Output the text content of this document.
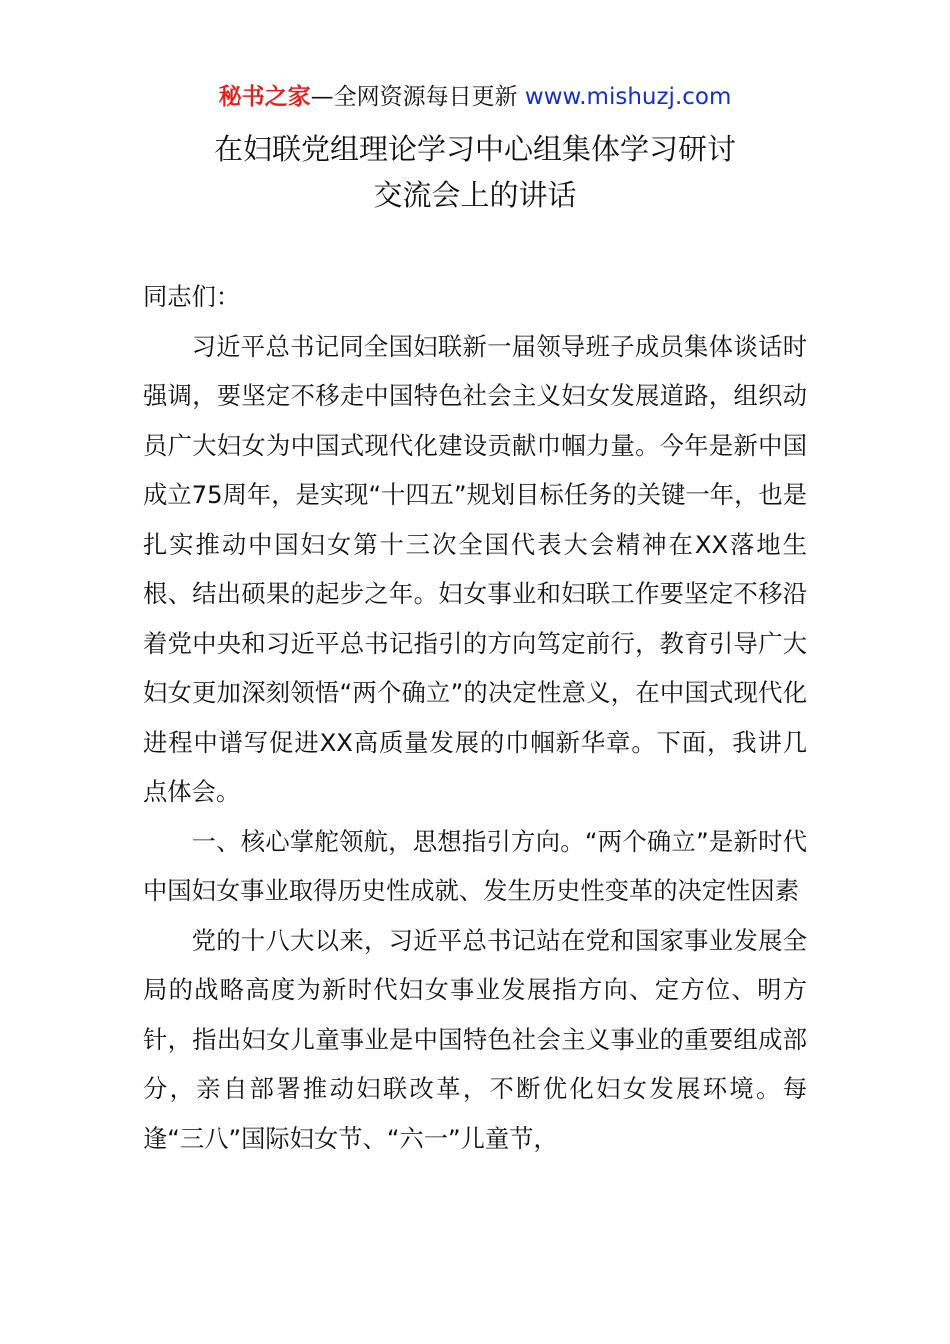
秘书之家—全网资源每日更新 www.mishuzj.com
在妇联党组理论学习中心组集体学习研讨
交流会上的讲话

同志们：

习近平总书记同全国妇联新一届领导班子成员集体谈话时强调，要坚定不移走中国特色社会主义妇女发展道路，组织动员广大妇女为中国式现代化建设贡献巾帼力量。今年是新中国成立75周年，是实现“十四五”规划目标任务的关键一年，也是扎实推动中国妇女第十三次全国代表大会精神在XX落地生根、结出硕果的起步之年。妇女事业和妇联工作要坚定不移沿着党中央和习近平总书记指引的方向笃定前行，教育引导广大妇女更加深刻领悟“两个确立”的决定性意义，在中国式现代化进程中谱写促进XX高质量发展的巾帼新华章。下面，我讲几点体会。

一、核心掌舵领航，思想指引方向。“两个确立”是新时代中国妇女事业取得历史性成就、发生历史性变革的决定性因素

党的十八大以来，习近平总书记站在党和国家事业发展全局的战略高度为新时代妇女事业发展指方向、定方位、明方针，指出妇女儿童事业是中国特色社会主义事业的重要组成部分，亲自部署推动妇联改革，不断优化妇女发展环境。每逢“三八”国际妇女节、“六一”儿童节，
